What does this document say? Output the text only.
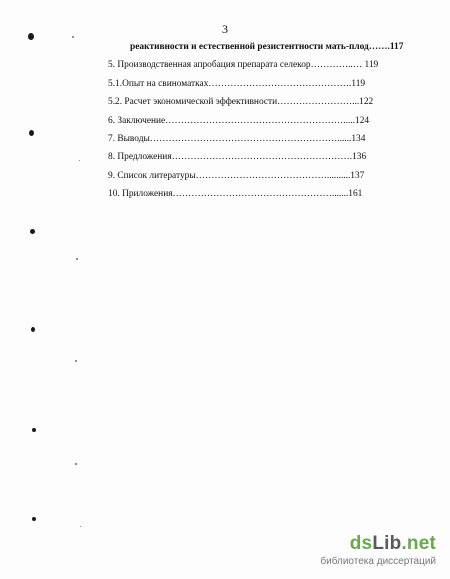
3
реактивности и естественной резистентности мать-плод…….117
5. Производственная апробация препарата селекор…………..… 119
5.1.Опыт на свиноматках……………………………………….119
5.2. Расчет экономической эффективности……………………...122
6. Заключение………………………………………………….....124
7. Выводы……………………………………………………......134
8. Предложения………………………………………………….136
9. Список литературы……………………………………..........137
10. Приложения…………………………………………….......161
dsLib.net
библиотека диссертаций
